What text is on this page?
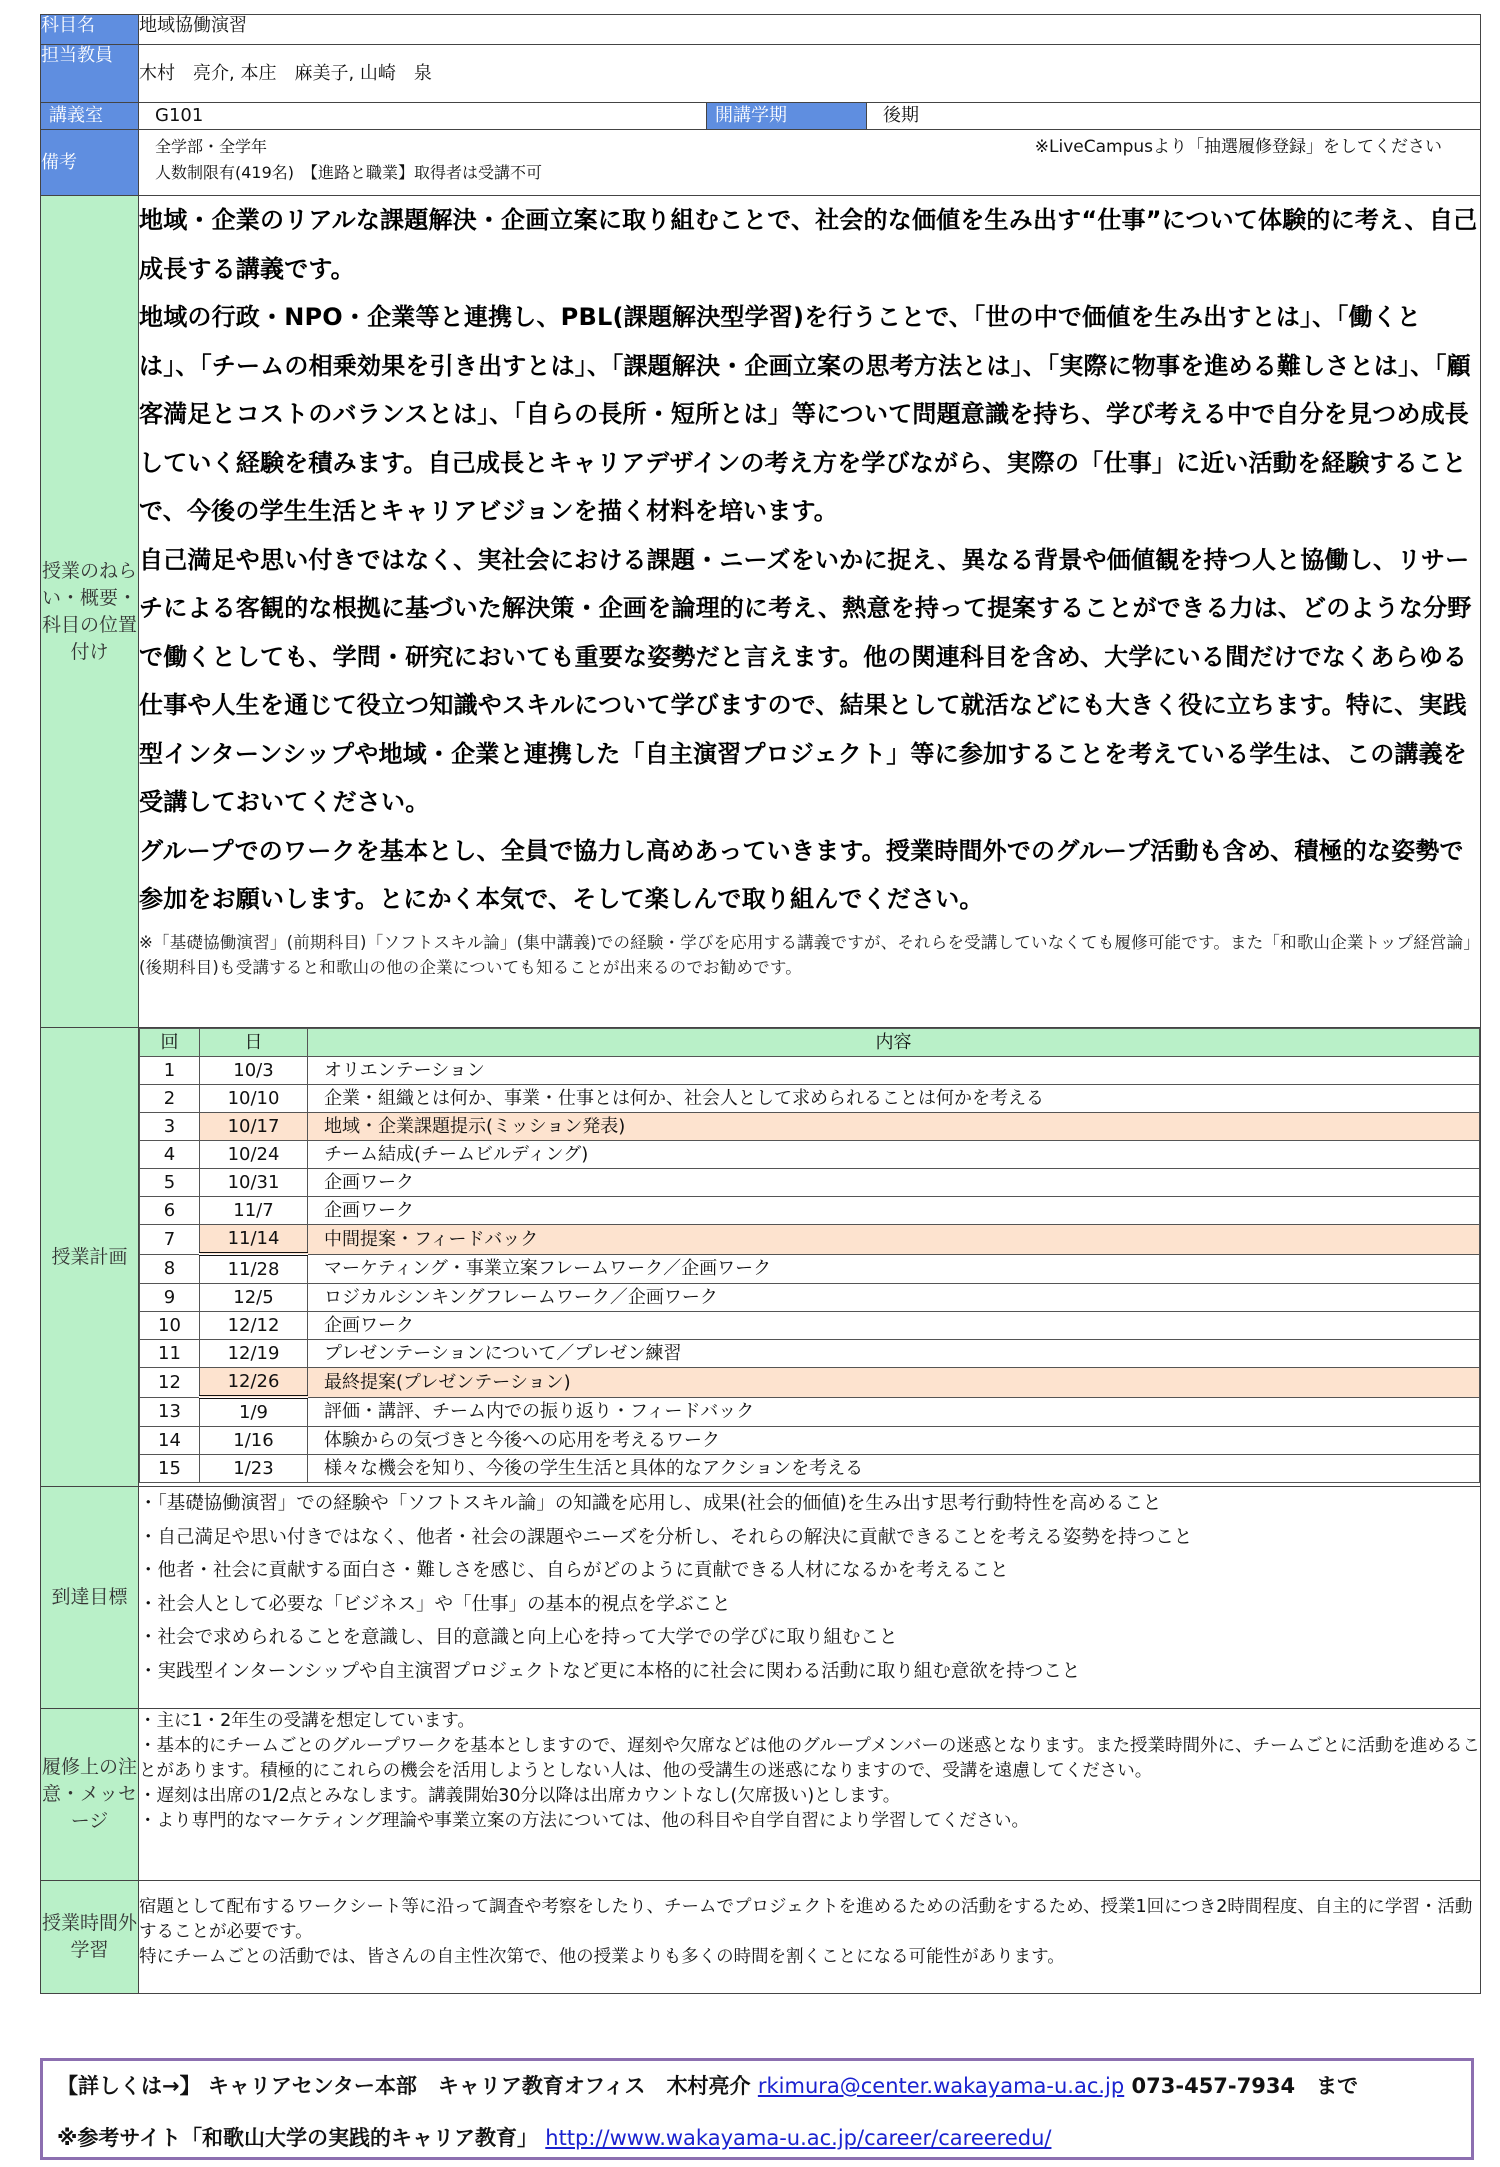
科目名	地域協働演習
担当教員	木村　亮介, 本庄　麻美子, 山崎　泉
講義室	G101	開講学期	後期
備考	
全学部・全学年
人数制限有(419名)　【進路と職業】取得者は受講不可
※LiveCampusより「抽選履修登録」をしてください

授業のねらい・概要・科目の位置付け	

地域・企業のリアルな課題解決・企画立案に取り組むことで、社会的な価値を生み出す“仕事”について体験的に考え、自己成長する講義です。

地域の行政・NPO・企業等と連携し、PBL(課題解決型学習)を行うことで、「世の中で価値を生み出すとは」、「働くとは」、「チームの相乗効果を引き出すとは」、「課題解決・企画立案の思考方法とは」、「実際に物事を進める難しさとは」、「顧客満足とコストのバランスとは」、「自らの長所・短所とは」等について問題意識を持ち、学び考える中で自分を見つめ成長していく経験を積みます。自己成長とキャリアデザインの考え方を学びながら、実際の「仕事」に近い活動を経験することで、今後の学生生活とキャリアビジョンを描く材料を培います。

自己満足や思い付きではなく、実社会における課題・ニーズをいかに捉え、異なる背景や価値観を持つ人と協働し、リサーチによる客観的な根拠に基づいた解決策・企画を論理的に考え、熱意を持って提案することができる力は、どのような分野で働くとしても、学問・研究においても重要な姿勢だと言えます。他の関連科目を含め、大学にいる間だけでなくあらゆる仕事や人生を通じて役立つ知識やスキルについて学びますので、結果として就活などにも大きく役に立ちます。特に、実践型インターンシップや地域・企業と連携した「自主演習プロジェクト」等に参加することを考えている学生は、この講義を受講しておいてください。

グループでのワークを基本とし、全員で協力し高めあっていきます。授業時間外でのグループ活動も含め、積極的な姿勢で参加をお願いします。とにかく本気で、そして楽しんで取り組んでください。

※「基礎協働演習」(前期科目)「ソフトスキル論」(集中講義)での経験・学びを応用する講義ですが、それらを受講していなくても履修可能です。また「和歌山企業トップ経営論」(後期科目)も受講すると和歌山の他の企業についても知ることが出来るのでお勧めです。

授業計画	
回	日	内容
1	10/3	オリエンテーション
2	10/10	企業・組織とは何か、事業・仕事とは何か、社会人として求められることは何かを考える
3	10/17	地域・企業課題提示(ミッション発表)
4	10/24	チーム結成(チームビルディング)
5	10/31	企画ワーク
6	11/7	企画ワーク
7	11/14	中間提案・フィードバック
8	11/28	マーケティング・事業立案フレームワーク／企画ワーク
9	12/5	ロジカルシンキングフレームワーク／企画ワーク
10	12/12	企画ワーク
11	12/19	プレゼンテーションについて／プレゼン練習
12	12/26	最終提案(プレゼンテーション)
13	1/9	評価・講評、チーム内での振り返り・フィードバック
14	1/16	体験からの気づきと今後への応用を考えるワーク
15	1/23	様々な機会を知り、今後の学生生活と具体的なアクションを考える

到達目標	
・「基礎協働演習」での経験や「ソフトスキル論」の知識を応用し、成果(社会的価値)を生み出す思考行動特性を高めること
・自己満足や思い付きではなく、他者・社会の課題やニーズを分析し、それらの解決に貢献できることを考える姿勢を持つこと
・他者・社会に貢献する面白さ・難しさを感じ、自らがどのように貢献できる人材になるかを考えること
・社会人として必要な「ビジネス」や「仕事」の基本的視点を学ぶこと
・社会で求められることを意識し、目的意識と向上心を持って大学での学びに取り組むこと
・実践型インターンシップや自主演習プロジェクトなど更に本格的に社会に関わる活動に取り組む意欲を持つこと

履修上の注意・メッセージ	
・主に1・2年生の受講を想定しています。
・基本的にチームごとのグループワークを基本としますので、遅刻や欠席などは他のグループメンバーの迷惑となります。また授業時間外に、チームごとに活動を進めることがあります。積極的にこれらの機会を活用しようとしない人は、他の受講生の迷惑になりますので、受講を遠慮してください。
・遅刻は出席の1/2点とみなします。講義開始30分以降は出席カウントなし(欠席扱い)とします。
・より専門的なマーケティング理論や事業立案の方法については、他の科目や自学自習により学習してください。

授業時間外学習	
宿題として配布するワークシート等に沿って調査や考察をしたり、チームでプロジェクトを進めるための活動をするため、授業1回につき2時間程度、自主的に学習・活動することが必要です。
特にチームごとの活動では、皆さんの自主性次第で、他の授業よりも多くの時間を割くことになる可能性があります。
【詳しくは→】 キャリアセンター本部　キャリア教育オフィス　木村亮介 rkimura@center.wakayama-u.ac.jp 073-457-7934　まで
※参考サイト「和歌山大学の実践的キャリア教育」 http://www.wakayama-u.ac.jp/career/careeredu/
